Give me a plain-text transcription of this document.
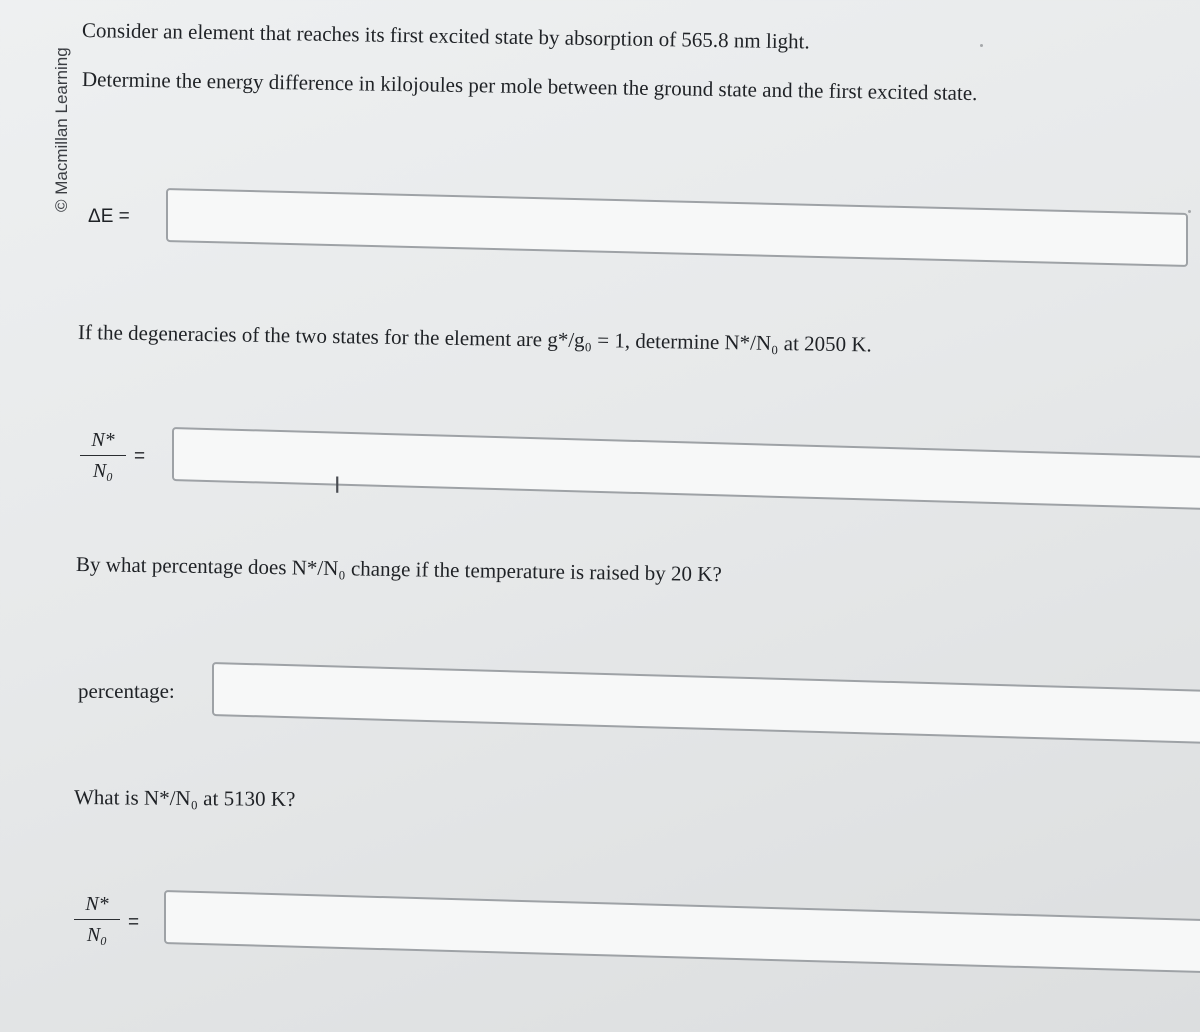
© Macmillan Learning
Consider an element that reaches its first excited state by absorption of 565.8 nm light.
Determine the energy difference in kilojoules per mole between the ground state and the first excited state.
ΔE =
If the degeneracies of the two states for the element are g*/g₀ = 1, determine N*/N₀ at 2050 K.
N*
N₀
=
Ι
By what percentage does N*/N₀ change if the temperature is raised by 20 K?
percentage:
What is N*/N₀ at 5130 K?
N*
N₀
=
